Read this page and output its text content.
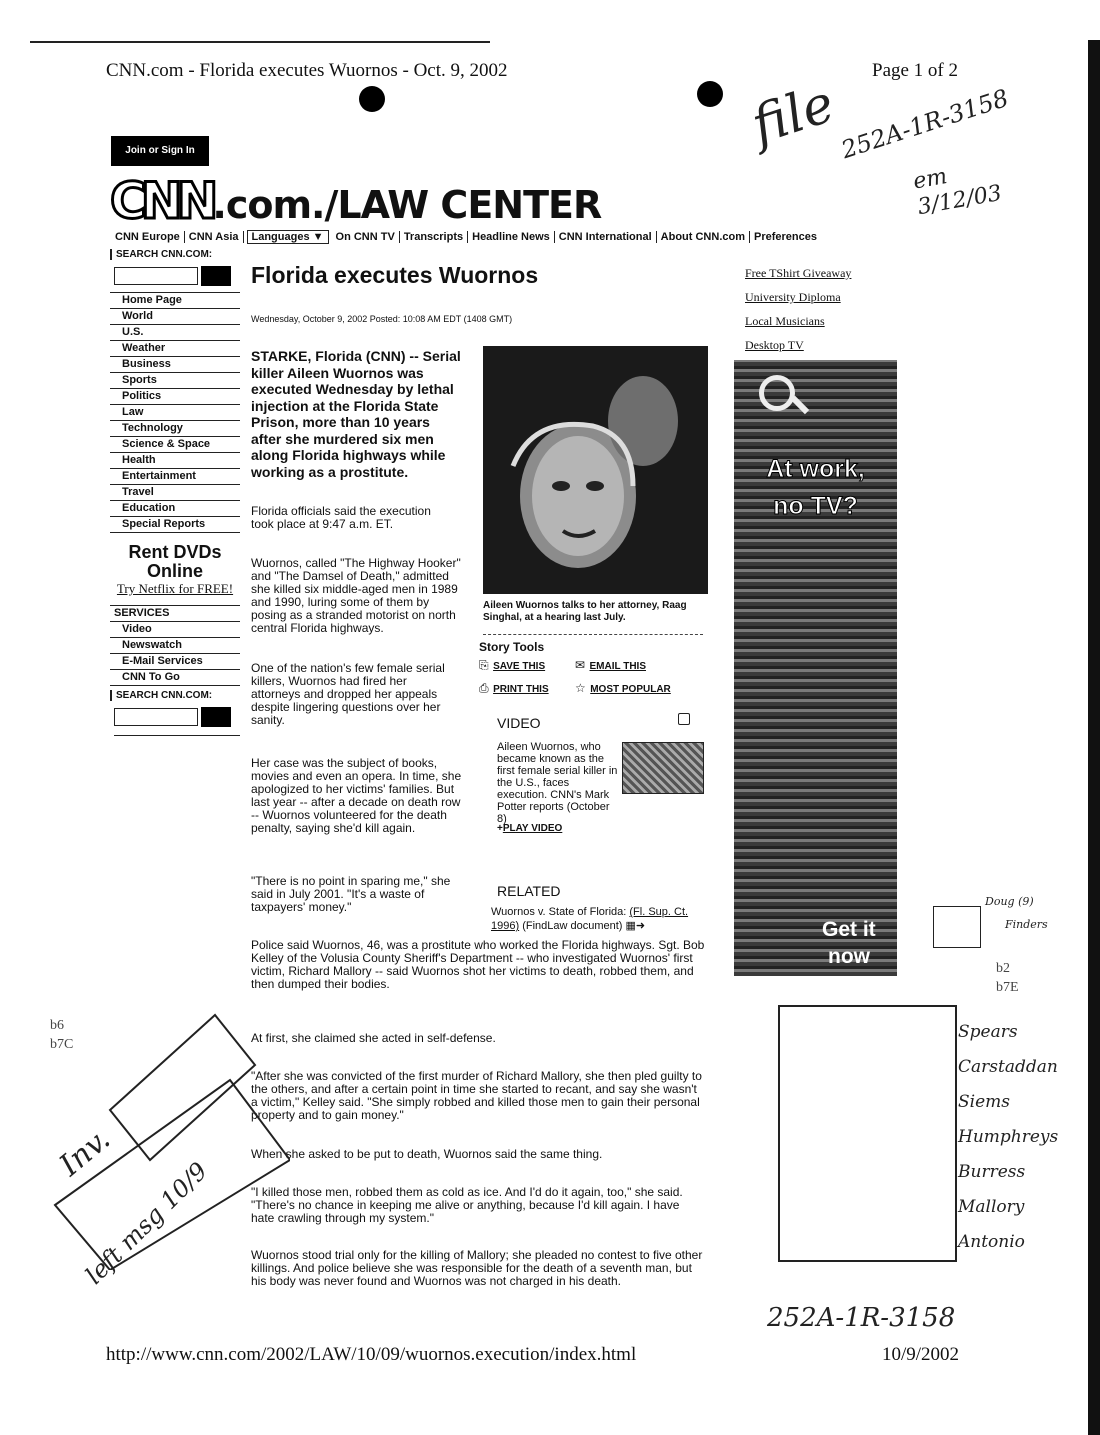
CNN.com - Florida executes Wuornos - Oct. 9, 2002	Page 1 of 2
Join or Sign In
CNN.com./LAW CENTER
CNN Europe CNN Asia Languages ▼ On CNN TV Transcripts Headline News CNN International About CNN.com Preferences
SEARCH CNN.COM:
Home Page
World
U.S.
Weather
Business
Sports
Politics
Law
Technology
Science & Space
Health
Entertainment
Travel
Education
Special Reports
Rent DVDs
Online
Try Netflix for FREE!
SERVICES
Video
Newswatch
E-Mail Services
CNN To Go
SEARCH CNN.COM:
Florida executes Wuornos
Wednesday, October 9, 2002 Posted: 10:08 AM EDT (1408 GMT)
STARKE, Florida (CNN) -- Serial killer Aileen Wuornos was executed Wednesday by lethal injection at the Florida State Prison, more than 10 years after she murdered six men along Florida highways while working as a prostitute.
Florida officials said the execution took place at 9:47 a.m. ET.
Wuornos, called "The Highway Hooker" and "The Damsel of Death," admitted she killed six middle-aged men in 1989 and 1990, luring some of them by posing as a stranded motorist on north central Florida highways.
One of the nation's few female serial killers, Wuornos had fired her attorneys and dropped her appeals despite lingering questions over her sanity.
Her case was the subject of books, movies and even an opera. In time, she apologized to her victims' families. But last year -- after a decade on death row -- Wuornos volunteered for the death penalty, saying she'd kill again.
"There is no point in sparing me," she said in July 2001. "It's a waste of taxpayers' money."
Police said Wuornos, 46, was a prostitute who worked the Florida highways. Sgt. Bob Kelley of the Volusia County Sheriff's Department -- who investigated Wuornos' first victim, Richard Mallory -- said Wuornos shot her victims to death, robbed them, and then dumped their bodies.
At first, she claimed she acted in self-defense.
"After she was convicted of the first murder of Richard Mallory, she then pled guilty to the others, and after a certain point in time she started to recant, and say she wasn't a victim," Kelley said. "She simply robbed and killed those men to gain their personal property and to gain money."
When she asked to be put to death, Wuornos said the same thing.
"I killed those men, robbed them as cold as ice. And I'd do it again, too," she said. "There's no chance in keeping me alive or anything, because I'd kill again. I have hate crawling through my system."
Wuornos stood trial only for the killing of Mallory; she pleaded no contest to five other killings. And police believe she was responsible for the death of a seventh man, but his body was never found and Wuornos was not charged in his death.
Aileen Wuornos talks to her attorney, Raag Singhal, at a hearing last July.
Story Tools
⎘ SAVE THIS ✉ EMAIL THIS
⎙ PRINT THIS ☆ MOST POPULAR
VIDEO
Aileen Wuornos, who became known as the first female serial killer in the U.S., faces execution. CNN's Mark Potter reports (October 8)
+PLAY VIDEO
RELATED
Wuornos v. State of Florida: (Fl. Sup. Ct. 1996) (FindLaw document) ▦➜
Free TShirt Giveaway
University Diploma
Local Musicians
Desktop TV
At work,
no TV?
Get it
now
Doug (9)
Finders
b2
b7E
Spears
Carstaddan
Siems
Humphreys
Burress
Mallory
Antonio
b6
b7C
file
252A-1R-3158
em 3/12/03
252A-1R-3158
Inv.
left msg 10/9
http://www.cnn.com/2002/LAW/10/09/wuornos.execution/index.html	10/9/2002
